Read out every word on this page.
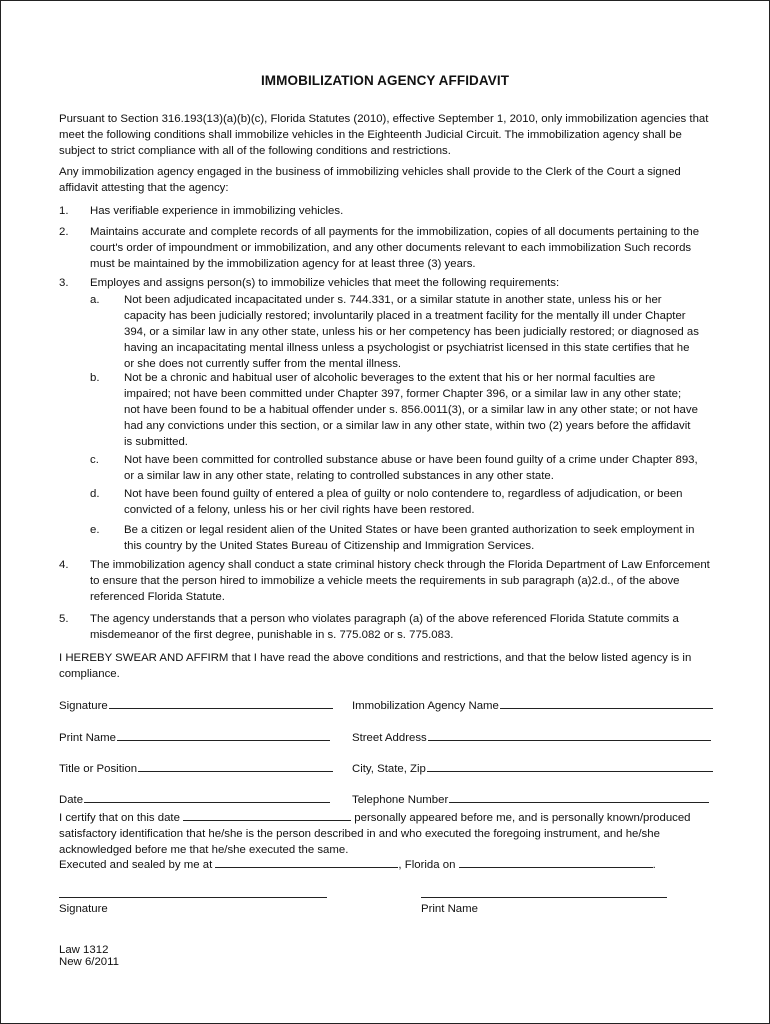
IMMOBILIZATION AGENCY AFFIDAVIT
Pursuant to Section 316.193(13)(a)(b)(c), Florida Statutes (2010), effective September 1, 2010, only immobilization agencies that meet the following conditions shall immobilize vehicles in the Eighteenth Judicial Circuit. The immobilization agency shall be subject to strict compliance with all of the following conditions and restrictions.
Any immobilization agency engaged in the business of immobilizing vehicles shall provide to the Clerk of the Court a signed affidavit attesting that the agency:
1. Has verifiable experience in immobilizing vehicles.
2. Maintains accurate and complete records of all payments for the immobilization, copies of all documents pertaining to the court's order of impoundment or immobilization, and any other documents relevant to each immobilization Such records must be maintained by the immobilization agency for at least three (3) years.
3. Employes and assigns person(s) to immobilize vehicles that meet the following requirements:
a. Not been adjudicated incapacitated under s. 744.331, or a similar statute in another state, unless his or her capacity has been judicially restored; involuntarily placed in a treatment facility for the mentally ill under Chapter 394, or a similar law in any other state, unless his or her competency has been judicially restored; or diagnosed as having an incapacitating mental illness unless a psychologist or psychiatrist licensed in this state certifies that he or she does not currently suffer from the mental illness.
b. Not be a chronic and habitual user of alcoholic beverages to the extent that his or her normal faculties are impaired; not have been committed under Chapter 397, former Chapter 396, or a similar law in any other state; not have been found to be a habitual offender under s. 856.0011(3), or a similar law in any other state; or not have had any convictions under this section, or a similar law in any other state, within two (2) years before the affidavit is submitted.
c. Not have been committed for controlled substance abuse or have been found guilty of a crime under Chapter 893, or a similar law in any other state, relating to controlled substances in any other state.
d. Not have been found guilty of entered a plea of guilty or nolo contendere to, regardless of adjudication, or been convicted of a felony, unless his or her civil rights have been restored.
e. Be a citizen or legal resident alien of the United States or have been granted authorization to seek employment in this country by the United States Bureau of Citizenship and Immigration Services.
4. The immobilization agency shall conduct a state criminal history check through the Florida Department of Law Enforcement to ensure that the person hired to immobilize a vehicle meets the requirements in sub paragraph (a)2.d., of the above referenced Florida Statute.
5. The agency understands that a person who violates paragraph (a) of the above referenced Florida Statute commits a misdemeanor of the first degree, punishable in s. 775.082 or s. 775.083.
I HEREBY SWEAR AND AFFIRM that I have read the above conditions and restrictions, and that the below listed agency is in compliance.
Signature	Immobilization Agency Name
Print Name	Street Address
Title or Position	City, State, Zip
Date	Telephone Number
I certify that on this date	personally appeared before me, and is personally known/produced satisfactory identification that he/she is the person described in and who executed the foregoing instrument, and he/she acknowledged before me that he/she executed the same.
Executed and sealed by me at	, Florida on	.
Signature	Print Name
Law 1312
New 6/2011
